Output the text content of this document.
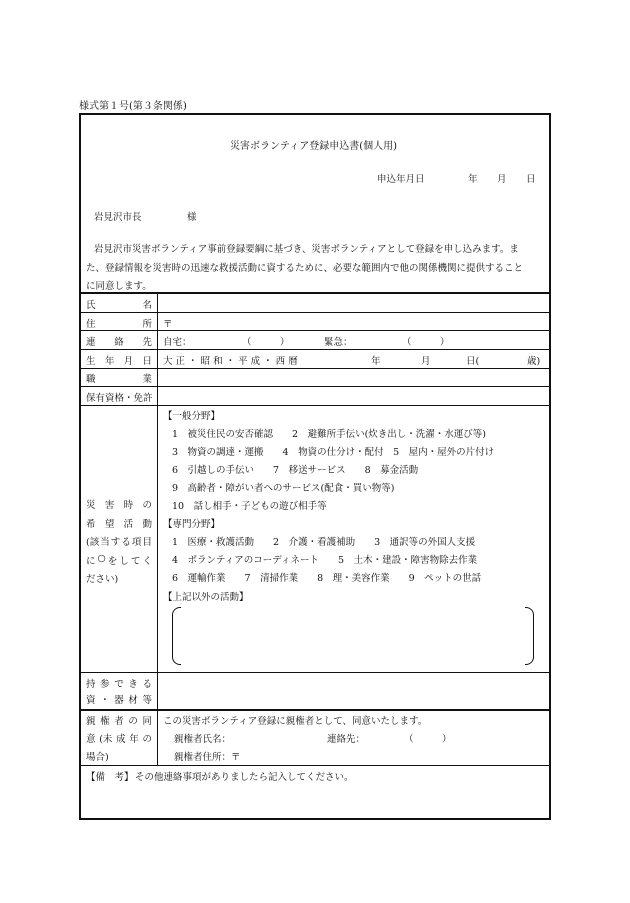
様式第１号(第３条関係)
災害ボランティア登録申込書(個人用)
申込年月日	年 月 日
岩見沢市長	様
岩見沢市災害ボランティア事前登録要綱に基づき、災害ボランティアとして登録を申し込みます。ま
た、登録情報を災害時の迅速な救援活動に資するために、必要な範囲内で他の関係機関に提供すること
に同意します。
氏	名
住	所 〒
連 絡 先 自宅：	（　　　）	緊急：	（　　　）
生 年 月 日 大 正 ・ 昭 和 ・ 平 成 ・ 西 暦	年	月	日(	歳)
職	業
保有資格・免許
災 害 時 の
希 望 活 動
(該 当 す る 項 目
に ○ を し て く
ださい)
【一般分野】
1　被災住民の安否確認　　2　避難所手伝い(炊き出し・洗濯・水運び等)
3　物資の調達・運搬　　4　物資の仕分け・配付　5　屋内・屋外の片付け
6　引越しの手伝い　　7　移送サービス　　8　募金活動
9　高齢者・障がい者へのサービス(配食・買い物等)
10　話し相手・子どもの遊び相手等
【専門分野】
1　医療・救護活動　　2　介護・看護補助　　3　通訳等の外国人支援
4　ボランティアのコーディネート　　5　土木・建設・障害物除去作業
6　運輸作業　　7　清掃作業　　8　理・美容作業　　9　ペットの世話
【上記以外の活動】
持 参 で き る
資 ・ 器 材 等
親 権 者 の 同
意 (未 成 年 の
場合)
この災害ボランティア登録に親権者として、同意いたします。
親権者氏名：	連絡先：	（　　　）
親権者住所：〒
【備　考】 その他連絡事項がありましたら記入してください。
